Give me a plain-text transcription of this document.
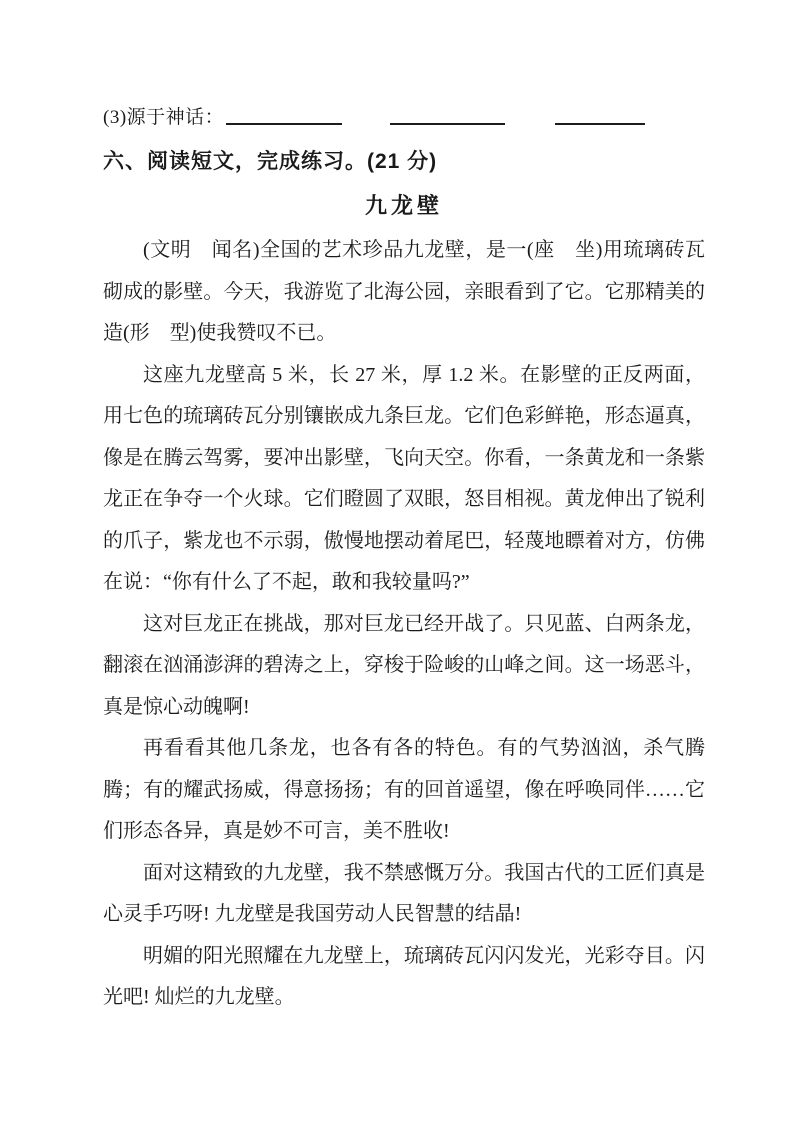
(3)源于神话：
六、阅读短文，完成练习。(21 分)
九龙壁

(文明　闻名)全国的艺术珍品九龙壁，是一(座　坐)用琉璃砖瓦砌成的影壁。今天，我游览了北海公园，亲眼看到了它。它那精美的造(形　型)使我赞叹不已。

这座九龙壁高 5 米，长 27 米，厚 1.2 米。在影壁的正反两面，用七色的琉璃砖瓦分别镶嵌成九条巨龙。它们色彩鲜艳，形态逼真，像是在腾云驾雾，要冲出影壁，飞向天空。你看，一条黄龙和一条紫龙正在争夺一个火球。它们瞪圆了双眼，怒目相视。黄龙伸出了锐利的爪子，紫龙也不示弱，傲慢地摆动着尾巴，轻蔑地瞟着对方，仿佛在说：“你有什么了不起，敢和我较量吗?”

这对巨龙正在挑战，那对巨龙已经开战了。只见蓝、白两条龙，翻滚在汹涌澎湃的碧涛之上，穿梭于险峻的山峰之间。这一场恶斗，真是惊心动魄啊!

再看看其他几条龙，也各有各的特色。有的气势汹汹，杀气腾腾；有的耀武扬威，得意扬扬；有的回首遥望，像在呼唤同伴……它们形态各异，真是妙不可言，美不胜收!

面对这精致的九龙壁，我不禁感慨万分。我国古代的工匠们真是心灵手巧呀! 九龙壁是我国劳动人民智慧的结晶!

明媚的阳光照耀在九龙壁上，琉璃砖瓦闪闪发光，光彩夺目。闪光吧! 灿烂的九龙壁。
